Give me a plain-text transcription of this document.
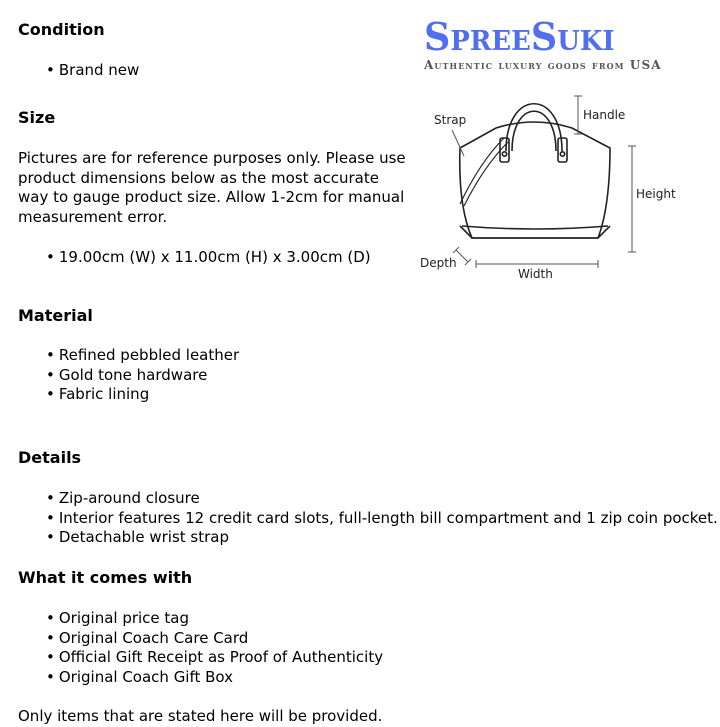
SpreeSuki
Authentic luxury goods from USA
Strap	Handle
Height
Depth
Width
Condition
• Brand new
Size

Pictures are for reference purposes only. Please use product dimensions below as the most accurate way to gauge product size. Allow 1-2cm for manual measurement error.

• 19.00cm (W) x 11.00cm (H) x 3.00cm (D)
Material
• Refined pebbled leather
• Gold tone hardware
• Fabric lining
Details
• Zip-around closure
• Interior features 12 credit card slots, full-length bill compartment and 1 zip coin pocket.
• Detachable wrist strap
What it comes with
• Original price tag
• Original Coach Care Card
• Official Gift Receipt as Proof of Authenticity
• Original Coach Gift Box

Only items that are stated here will be provided.
